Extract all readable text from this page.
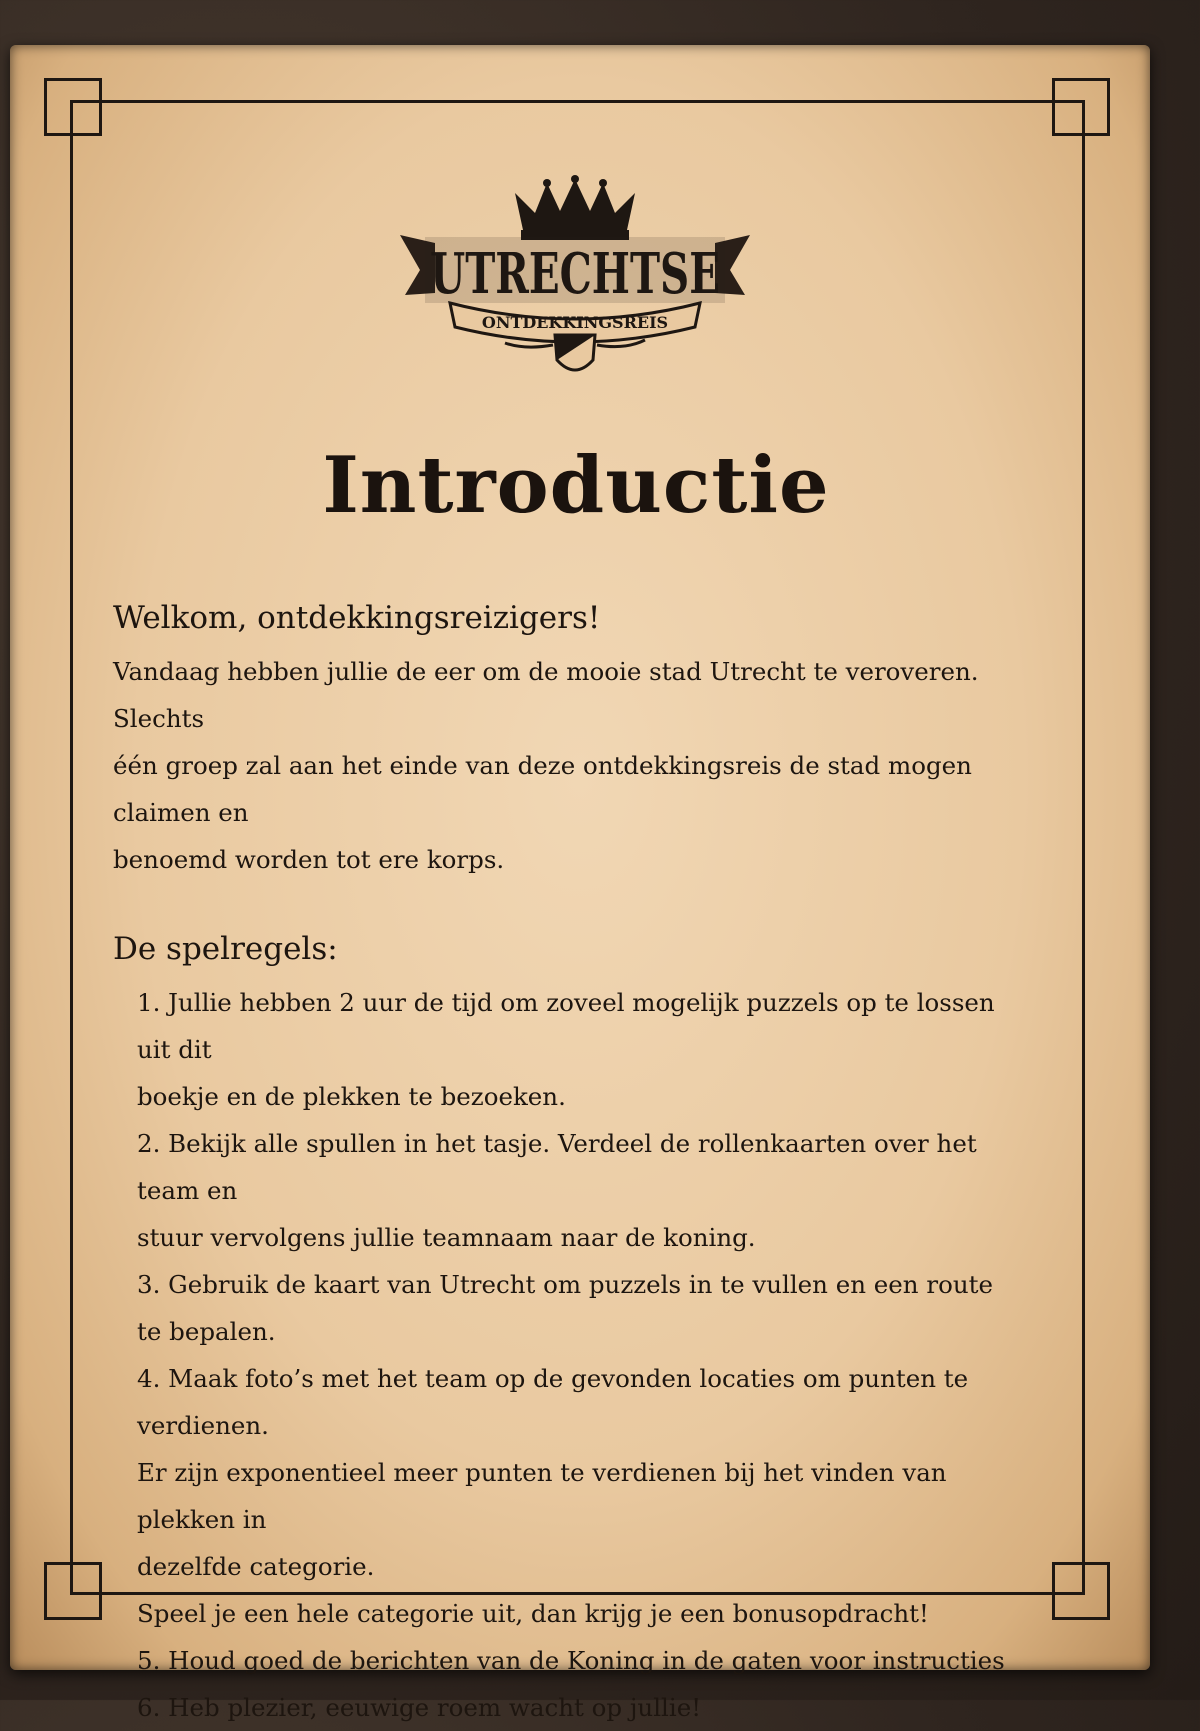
UTRECHTSE
ONTDEKKINGSREIS
Introductie
Welkom, ontdekkingsreizigers!

Vandaag hebben jullie de eer om de mooie stad Utrecht te veroveren. Slechts

één groep zal aan het einde van deze ontdekkingsreis de stad mogen claimen en

benoemd worden tot ere korps.

De spelregels:
1. Jullie hebben 2 uur de tijd om zoveel mogelijk puzzels op te lossen uit dit
boekje en de plekken te bezoeken.
2. Bekijk alle spullen in het tasje. Verdeel de rollenkaarten over het team en
stuur vervolgens jullie teamnaam naar de koning.
3. Gebruik de kaart van Utrecht om puzzels in te vullen en een route
te bepalen.
4. Maak foto’s met het team op de gevonden locaties om punten te verdienen.
Er zijn exponentieel meer punten te verdienen bij het vinden van plekken in
dezelfde categorie.
Speel je een hele categorie uit, dan krijg je een bonusopdracht!
5. Houd goed de berichten van de Koning in de gaten voor instructies
6. Heb plezier, eeuwige roem wacht op jullie!
